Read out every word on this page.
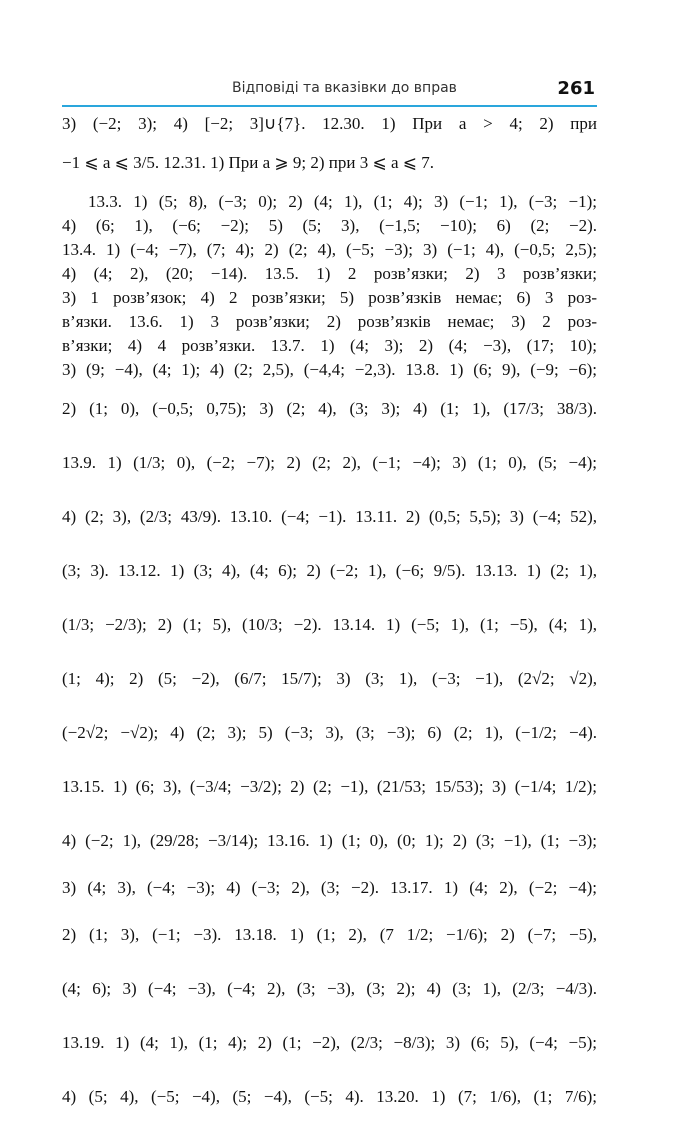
Відповіді та вказівки до вправ	261
3) (−2; 3); 4) [−2; 3]∪{7}. 12.30. 1) При a > 4; 2) при
−1 ⩽ a ⩽ 3/5. 12.31. 1) При a ⩾ 9; 2) при 3 ⩽ a ⩽ 7.
13.3. 1) (5; 8), (−3; 0); 2) (4; 1), (1; 4); 3) (−1; 1), (−3; −1);
4) (6; 1), (−6; −2); 5) (5; 3), (−1,5; −10); 6) (2; −2).
13.4. 1) (−4; −7), (7; 4); 2) (2; 4), (−5; −3); 3) (−1; 4), (−0,5; 2,5);
4) (4; 2), (20; −14). 13.5. 1) 2 розв’язки; 2) 3 розв’язки;
3) 1 розв’язок; 4) 2 розв’язки; 5) розв’язків немає; 6) 3 роз-
в’язки. 13.6. 1) 3 розв’язки; 2) розв’язків немає; 3) 2 роз-
в’язки; 4) 4 розв’язки. 13.7. 1) (4; 3); 2) (4; −3), (17; 10);
3) (9; −4), (4; 1); 4) (2; 2,5), (−4,4; −2,3). 13.8. 1) (6; 9), (−9; −6);
2) (1; 0), (−0,5; 0,75); 3) (2; 4), (3; 3); 4) (1; 1), (17/3; 38/3).
13.9. 1) (1/3; 0), (−2; −7); 2) (2; 2), (−1; −4); 3) (1; 0), (5; −4);
4) (2; 3), (2/3; 43/9). 13.10. (−4; −1). 13.11. 2) (0,5; 5,5); 3) (−4; 52),
(3; 3). 13.12. 1) (3; 4), (4; 6); 2) (−2; 1), (−6; 9/5). 13.13. 1) (2; 1),
(1/3; −2/3); 2) (1; 5), (10/3; −2). 13.14. 1) (−5; 1), (1; −5), (4; 1),
(1; 4); 2) (5; −2), (6/7; 15/7); 3) (3; 1), (−3; −1), (2√2; √2),
(−2√2; −√2); 4) (2; 3); 5) (−3; 3), (3; −3); 6) (2; 1), (−1/2; −4).
13.15. 1) (6; 3), (−3/4; −3/2); 2) (2; −1), (21/53; 15/53); 3) (−1/4; 1/2);
4) (−2; 1), (29/28; −3/14); 13.16. 1) (1; 0), (0; 1); 2) (3; −1), (1; −3);
3) (4; 3), (−4; −3); 4) (−3; 2), (3; −2). 13.17. 1) (4; 2), (−2; −4);
2) (1; 3), (−1; −3). 13.18. 1) (1; 2), (7 1/2; −1/6); 2) (−7; −5),
(4; 6); 3) (−4; −3), (−4; 2), (3; −3), (3; 2); 4) (3; 1), (2/3; −4/3).
13.19. 1) (4; 1), (1; 4); 2) (1; −2), (2/3; −8/3); 3) (6; 5), (−4; −5);
4) (5; 4), (−5; −4), (5; −4), (−5; 4). 13.20. 1) (7; 1/6), (1; 7/6);
